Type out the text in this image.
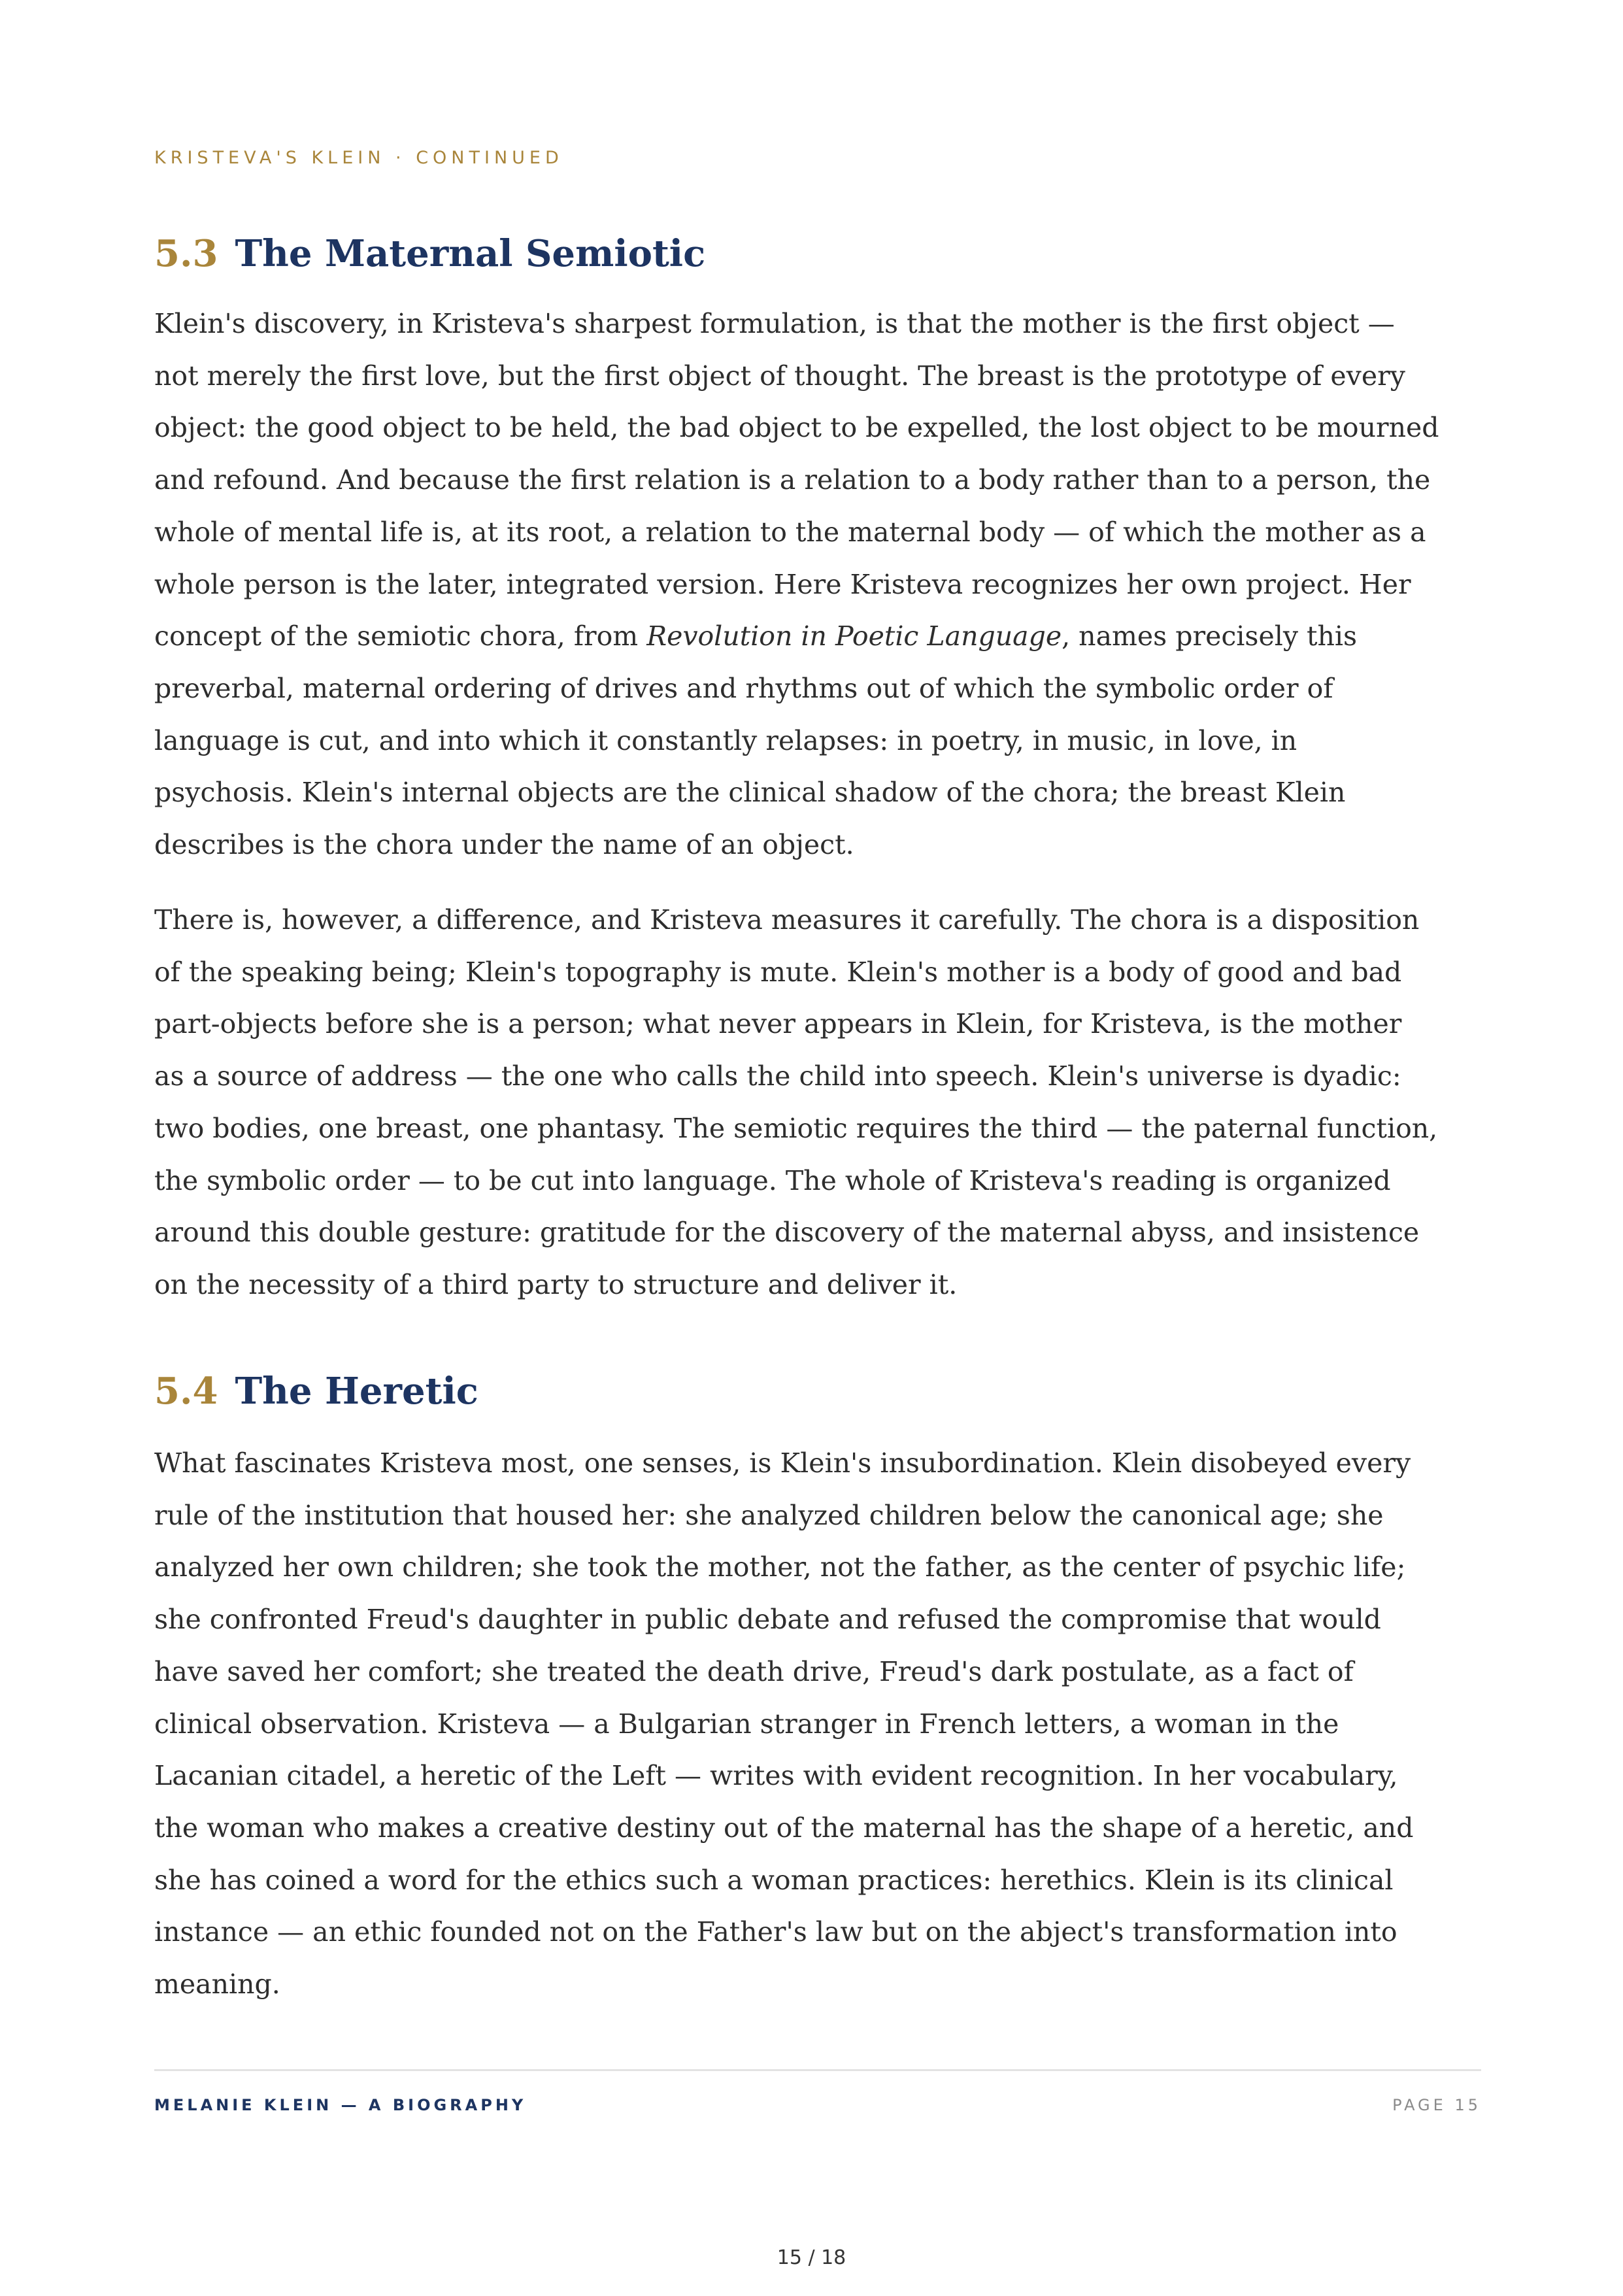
KRISTEVA'S KLEIN · CONTINUED
5.3 The Maternal Semiotic
Klein's discovery, in Kristeva's sharpest formulation, is that the mother is the first object —
not merely the first love, but the first object of thought. The breast is the prototype of every
object: the good object to be held, the bad object to be expelled, the lost object to be mourned
and refound. And because the first relation is a relation to a body rather than to a person, the
whole of mental life is, at its root, a relation to the maternal body — of which the mother as a
whole person is the later, integrated version. Here Kristeva recognizes her own project. Her
concept of the semiotic chora, from Revolution in Poetic Language, names precisely this
preverbal, maternal ordering of drives and rhythms out of which the symbolic order of
language is cut, and into which it constantly relapses: in poetry, in music, in love, in
psychosis. Klein's internal objects are the clinical shadow of the chora; the breast Klein
describes is the chora under the name of an object.
There is, however, a difference, and Kristeva measures it carefully. The chora is a disposition
of the speaking being; Klein's topography is mute. Klein's mother is a body of good and bad
part-objects before she is a person; what never appears in Klein, for Kristeva, is the mother
as a source of address — the one who calls the child into speech. Klein's universe is dyadic:
two bodies, one breast, one phantasy. The semiotic requires the third — the paternal function,
the symbolic order — to be cut into language. The whole of Kristeva's reading is organized
around this double gesture: gratitude for the discovery of the maternal abyss, and insistence
on the necessity of a third party to structure and deliver it.
5.4 The Heretic
What fascinates Kristeva most, one senses, is Klein's insubordination. Klein disobeyed every
rule of the institution that housed her: she analyzed children below the canonical age; she
analyzed her own children; she took the mother, not the father, as the center of psychic life;
she confronted Freud's daughter in public debate and refused the compromise that would
have saved her comfort; she treated the death drive, Freud's dark postulate, as a fact of
clinical observation. Kristeva — a Bulgarian stranger in French letters, a woman in the
Lacanian citadel, a heretic of the Left — writes with evident recognition. In her vocabulary,
the woman who makes a creative destiny out of the maternal has the shape of a heretic, and
she has coined a word for the ethics such a woman practices: herethics. Klein is its clinical
instance — an ethic founded not on the Father's law but on the abject's transformation into
meaning.
MELANIE KLEIN — A BIOGRAPHY	PAGE 15
15 / 18
